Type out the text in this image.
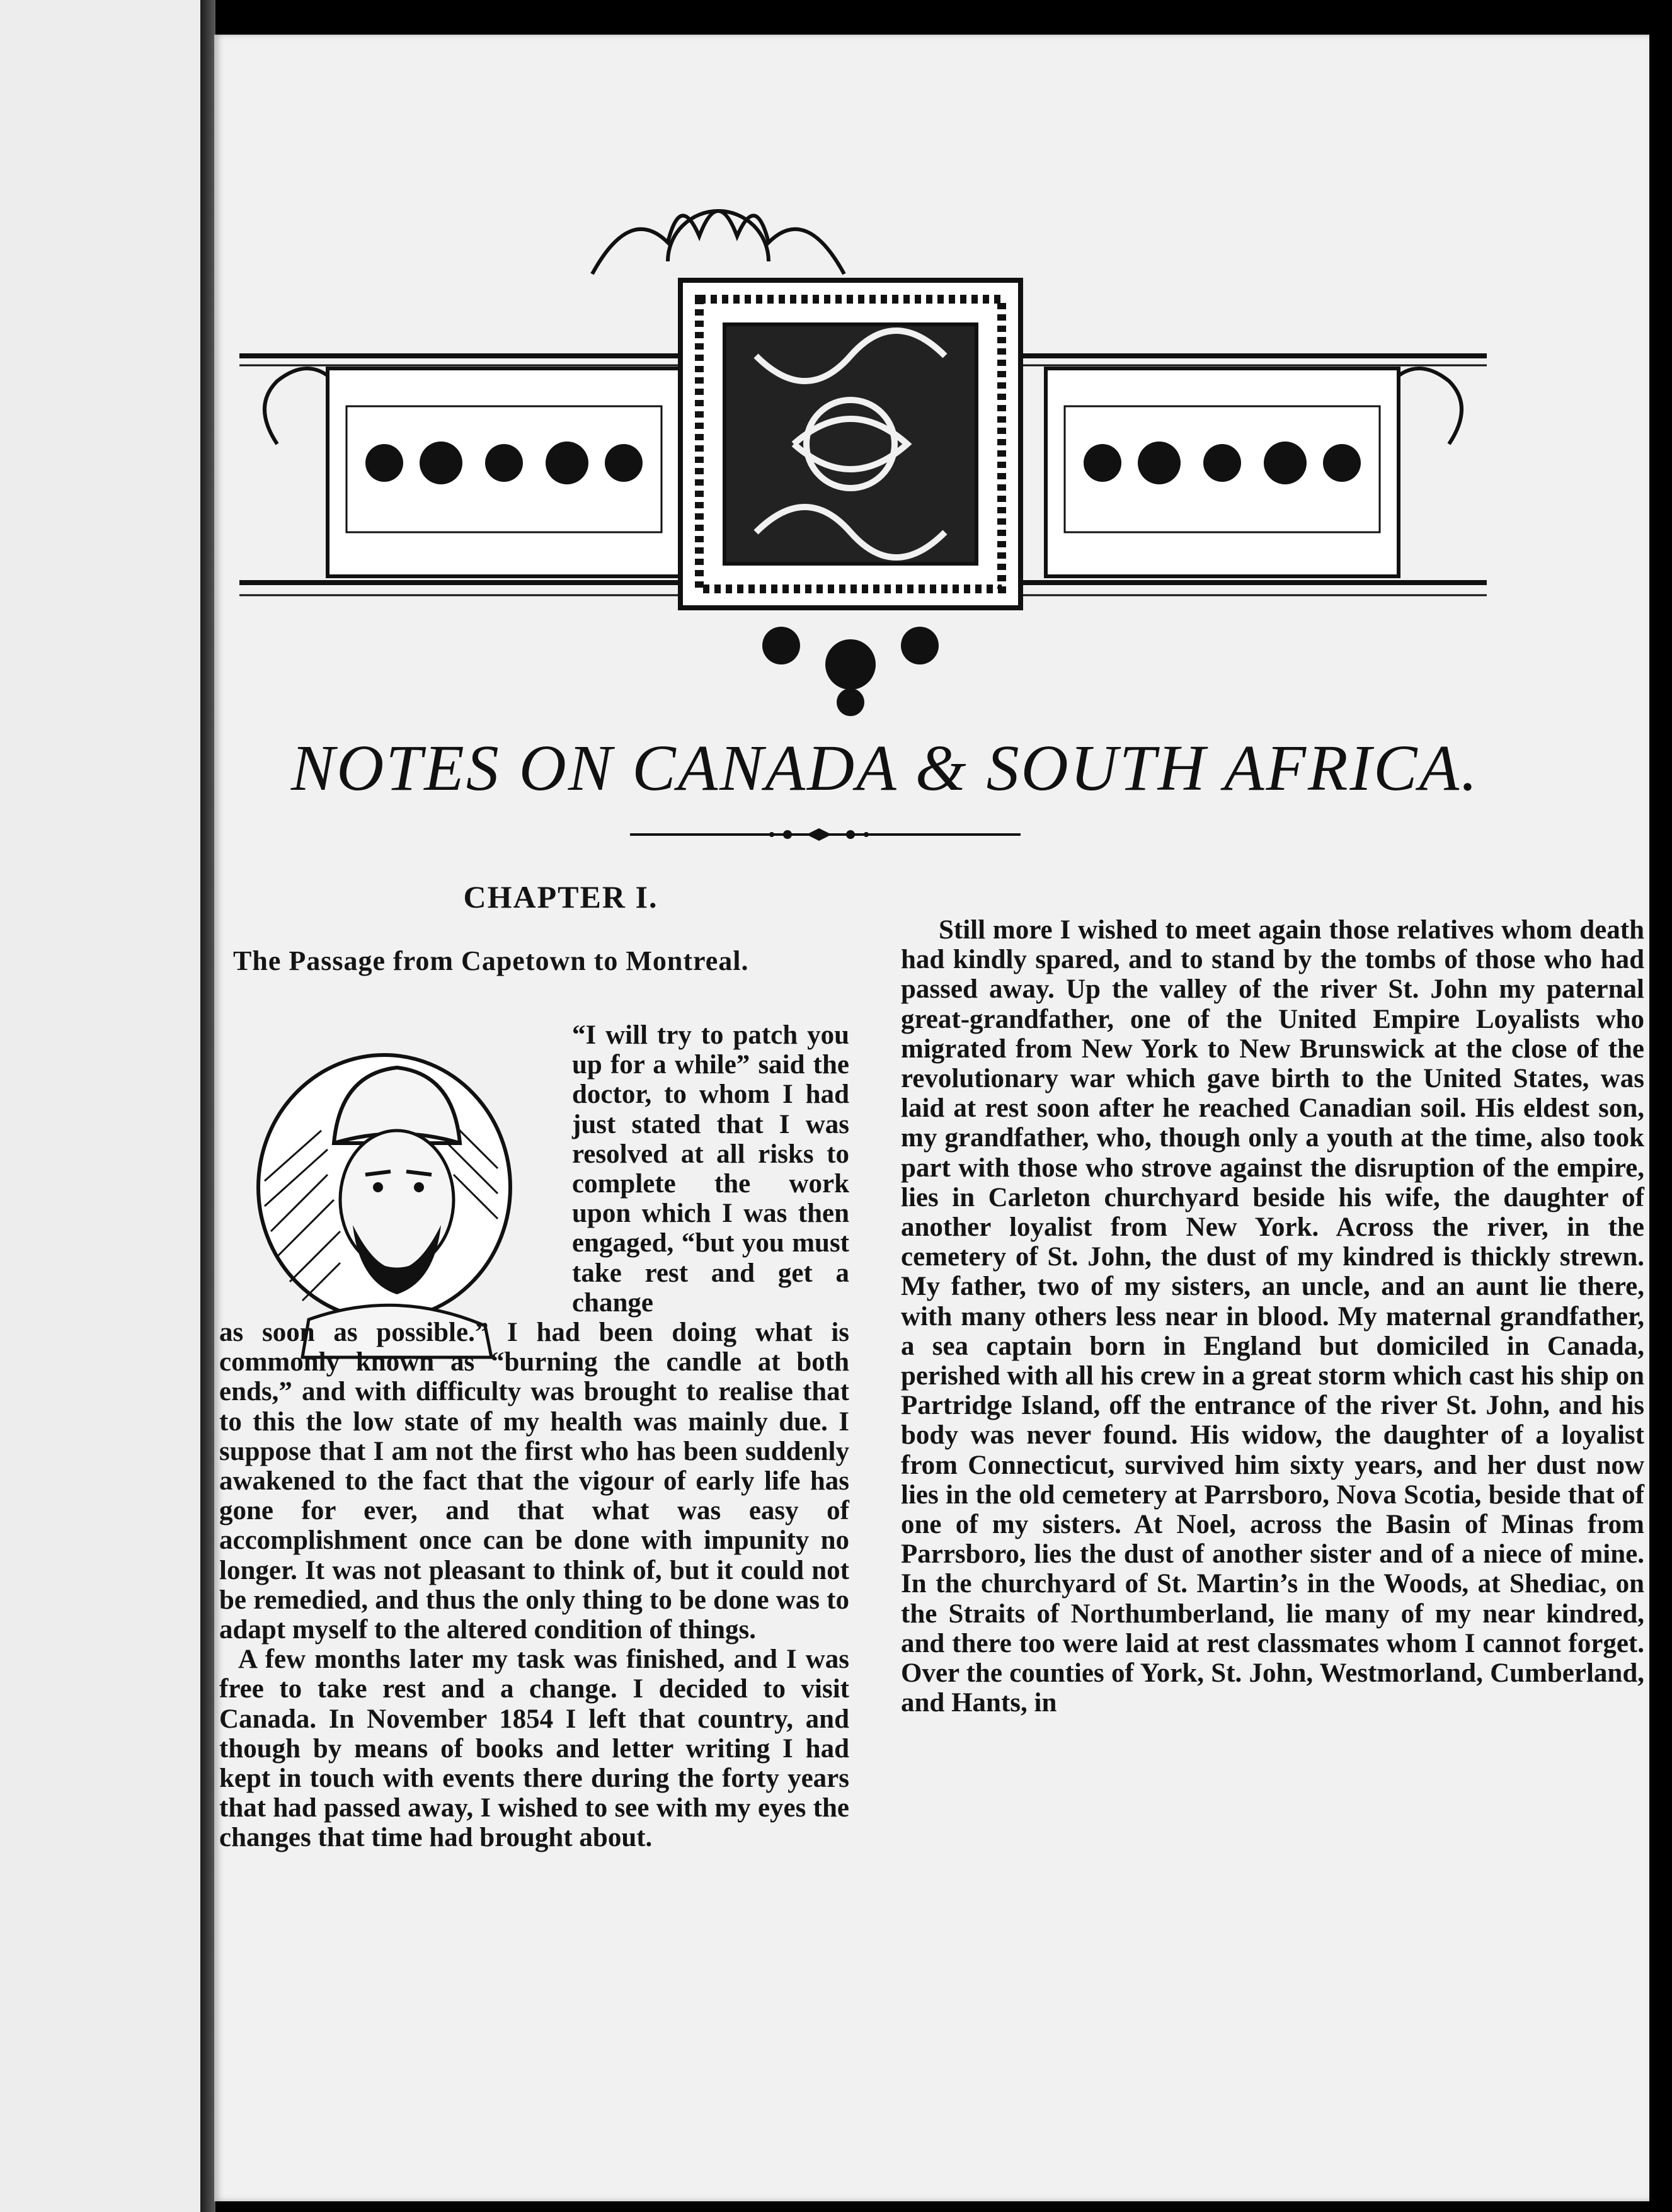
NOTES ON CANADA & SOUTH AFRICA.
CHAPTER I.
The Passage from Capetown to Montreal.

“I will try to patch you up for a while” said the doctor, to whom I had just stated that I was resolved at all risks to complete the work upon which I was then engaged, “but you must take rest and get a change

as soon as possible.” I had been doing what is commonly known as “burning the candle at both ends,” and with difficulty was brought to realise that to this the low state of my health was mainly due. I suppose that I am not the first who has been suddenly awakened to the fact that the vigour of early life has gone for ever, and that what was easy of accomplishment once can be done with impunity no longer. It was not pleasant to think of, but it could not be remedied, and thus the only thing to be done was to adapt myself to the altered condition of things.

A few months later my task was finished, and I was free to take rest and a change. I decided to visit Canada. In November 1854 I left that country, and though by means of books and letter writing I had kept in touch with events there during the forty years that had passed away, I wished to see with my eyes the changes that time had brought about.

Still more I wished to meet again those relatives whom death had kindly spared, and to stand by the tombs of those who had passed away. Up the valley of the river St. John my paternal great-grandfather, one of the United Empire Loyalists who migrated from New York to New Brunswick at the close of the revolutionary war which gave birth to the United States, was laid at rest soon after he reached Canadian soil. His eldest son, my grandfather, who, though only a youth at the time, also took part with those who strove against the disruption of the empire, lies in Carleton churchyard beside his wife, the daughter of another loyalist from New York. Across the river, in the cemetery of St. John, the dust of my kindred is thickly strewn. My father, two of my sisters, an uncle, and an aunt lie there, with many others less near in blood. My maternal grandfather, a sea captain born in England but domiciled in Canada, perished with all his crew in a great storm which cast his ship on Partridge Island, off the entrance of the river St. John, and his body was never found. His widow, the daughter of a loyalist from Connecticut, survived him sixty years, and her dust now lies in the old cemetery at Parrsboro, Nova Scotia, beside that of one of my sisters. At Noel, across the Basin of Minas from Parrsboro, lies the dust of another sister and of a niece of mine. In the churchyard of St. Martin’s in the Woods, at Shediac, on the Straits of Northumberland, lie many of my near kindred, and there too were laid at rest classmates whom I cannot forget. Over the counties of York, St. John, Westmorland, Cumberland, and Hants, in
